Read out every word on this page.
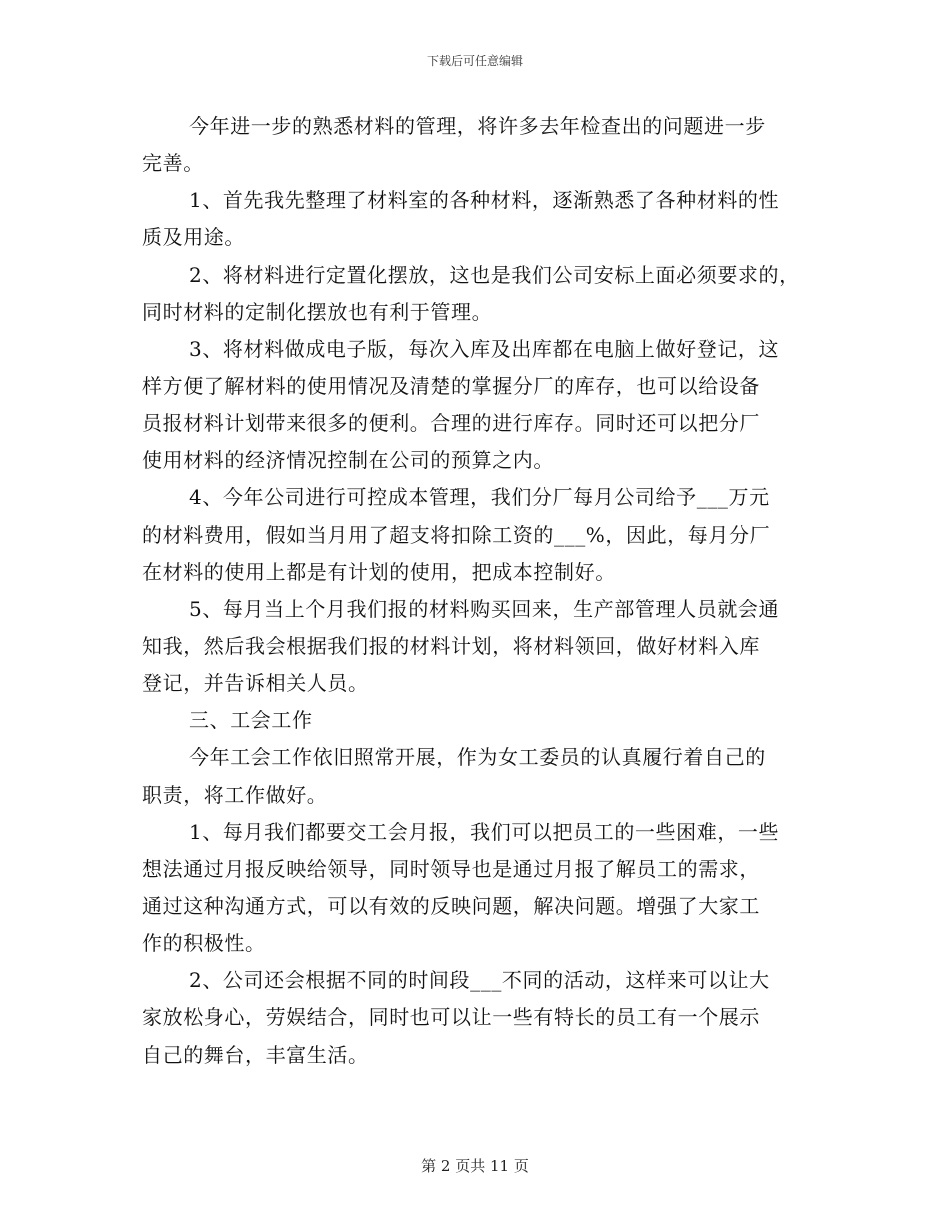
下载后可任意编辑
今年进一步的熟悉材料的管理，将许多去年检查出的问题进一步
完善。
1、首先我先整理了材料室的各种材料，逐渐熟悉了各种材料的性
质及用途。
2、将材料进行定置化摆放，这也是我们公司安标上面必须要求的，
同时材料的定制化摆放也有利于管理。
3、将材料做成电子版，每次入库及出库都在电脑上做好登记，这
样方便了解材料的使用情况及清楚的掌握分厂的库存，也可以给设备
员报材料计划带来很多的便利。合理的进行库存。同时还可以把分厂
使用材料的经济情况控制在公司的预算之内。
4、今年公司进行可控成本管理，我们分厂每月公司给予___万元
的材料费用，假如当月用了超支将扣除工资的___%，因此，每月分厂
在材料的使用上都是有计划的使用，把成本控制好。
5、每月当上个月我们报的材料购买回来，生产部管理人员就会通
知我，然后我会根据我们报的材料计划，将材料领回，做好材料入库
登记，并告诉相关人员。
三、工会工作
今年工会工作依旧照常开展，作为女工委员的认真履行着自己的
职责，将工作做好。
1、每月我们都要交工会月报，我们可以把员工的一些困难，一些
想法通过月报反映给领导，同时领导也是通过月报了解员工的需求，
通过这种沟通方式，可以有效的反映问题，解决问题。增强了大家工
作的积极性。
2、公司还会根据不同的时间段___不同的活动，这样来可以让大
家放松身心，劳娱结合，同时也可以让一些有特长的员工有一个展示
自己的舞台，丰富生活。
第 2 页共 11 页
